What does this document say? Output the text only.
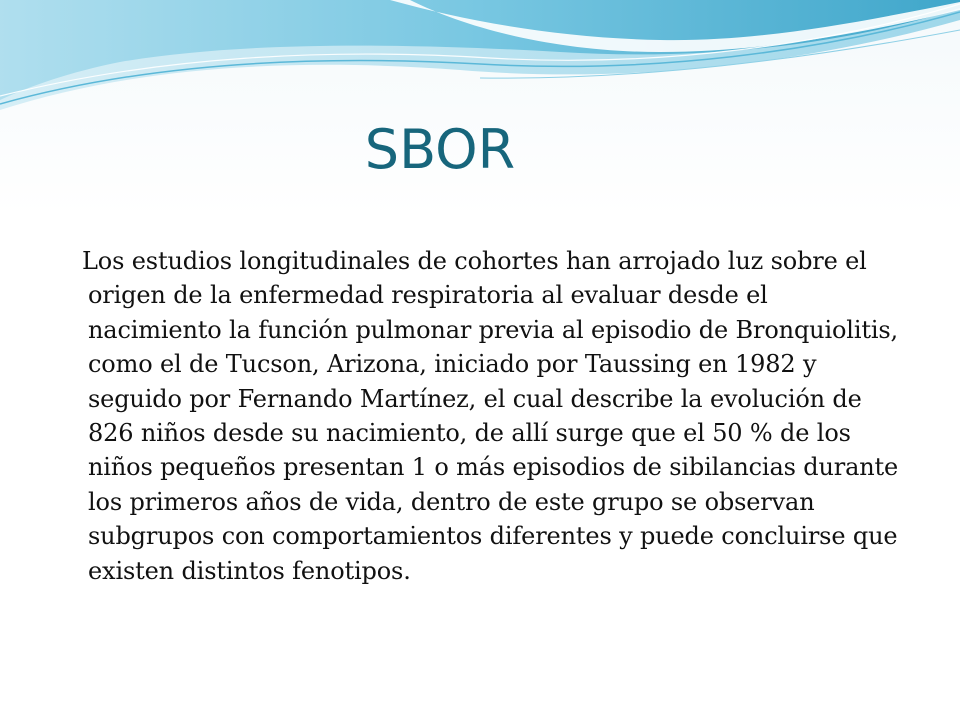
SBOR

Los estudios longitudinales de cohortes han arrojado luz sobre el origen de la enfermedad respiratoria al evaluar desde el nacimiento la función pulmonar previa al episodio de Bronquiolitis, como el de Tucson, Arizona, iniciado por Taussing en 1982 y seguido por Fernando Martínez, el cual describe la evolución de 826 niños desde su nacimiento, de allí surge que el 50 % de los niños pequeños presentan 1 o más episodios de sibilancias durante los primeros años de vida, dentro de este grupo se observan subgrupos con comportamientos diferentes y puede concluirse que existen distintos fenotipos.
